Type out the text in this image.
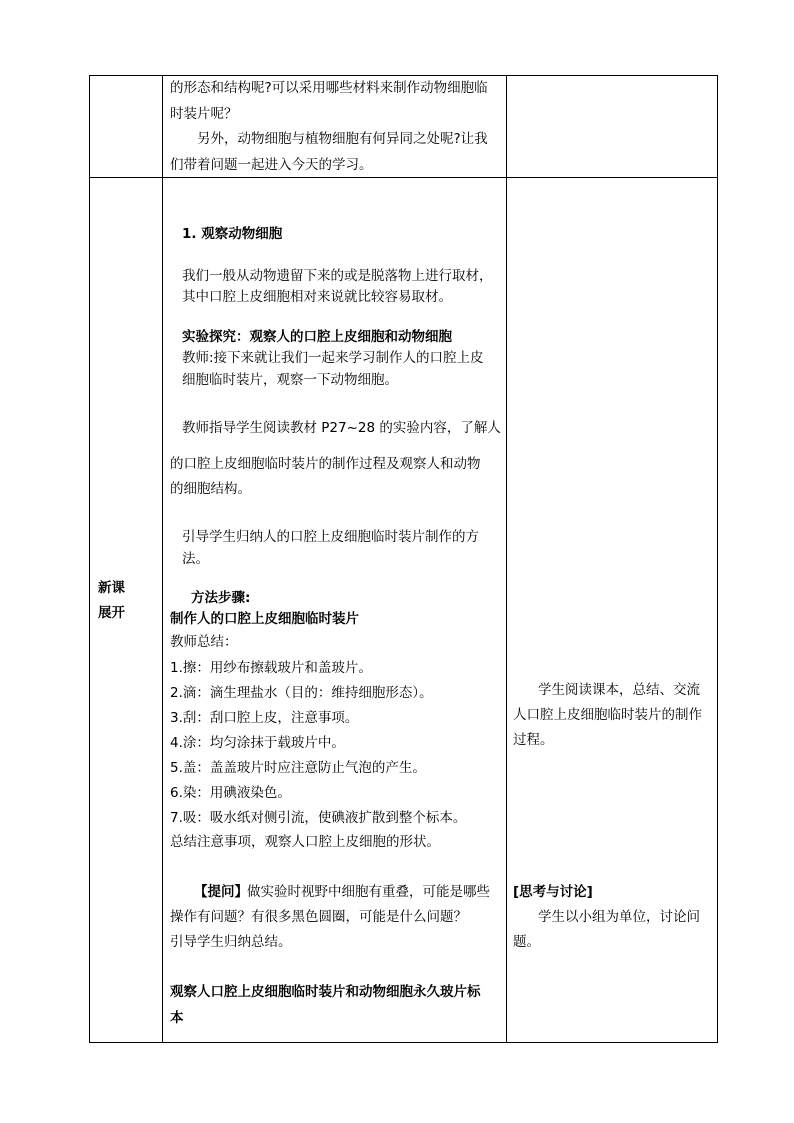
的形态和结构呢?可以采用哪些材料来制作动物细胞临
时装片呢？
另外，动物细胞与植物细胞有何异同之处呢?让我
们带着问题一起进入今天的学习。
新课
展开
1. 观察动物细胞
我们一般从动物遗留下来的或是脱落物上进行取材，
其中口腔上皮细胞相对来说就比较容易取材。
实验探究：观察人的口腔上皮细胞和动物细胞
教师:接下来就让我们一起来学习制作人的口腔上皮
细胞临时装片，观察一下动物细胞。
教师指导学生阅读教材 P27~28 的实验内容，了解人
的口腔上皮细胞临时装片的制作过程及观察人和动物
的细胞结构。
引导学生归纳人的口腔上皮细胞临时装片制作的方
法。
方法步骤:
制作人的口腔上皮细胞临时装片
教师总结：
1.擦：用纱布擦载玻片和盖玻片。
2.滴：滴生理盐水（目的：维持细胞形态）。
3.刮：刮口腔上皮，注意事项。
4.涂：均匀涂抹于载玻片中。
5.盖：盖盖玻片时应注意防止气泡的产生。
6.染：用碘液染色。
7.吸：吸水纸对侧引流，使碘液扩散到整个标本。
总结注意事项，观察人口腔上皮细胞的形状。
【提问】 做实验时视野中细胞有重叠，可能是哪些
操作有问题？有很多黑色圆圈，可能是什么问题？
引导学生归纳总结。
观察人口腔上皮细胞临时装片和动物细胞永久玻片标
本
学生阅读课本，总结、交流
人口腔上皮细胞临时装片的制作
过程。
[思考与讨论]
学生以小组为单位，讨论问
题。
